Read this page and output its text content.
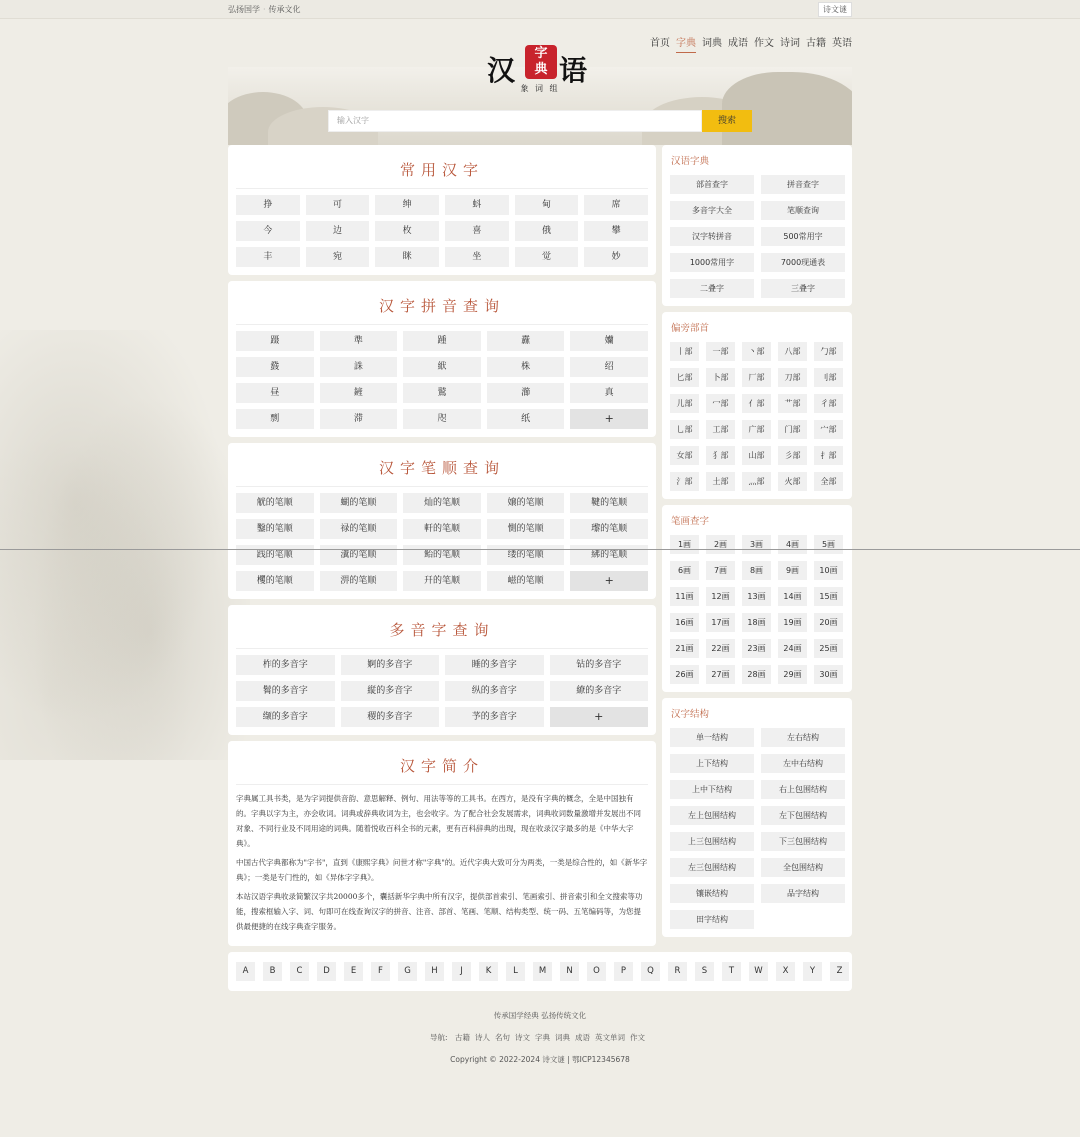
弘扬国学 · 传承文化	诗文谜
汉
字
典 语
象 词 组
首页 字典 词典 成语 作文 诗词 古籍 英语
输入汉字	搜索
常用汉字
挣	可	绅	蚪	甸	席
今	边	枚	喜	俄	攀
丰	宛	眯	坐	觉	妙
汉字拼音查询
蹑	準	踵	纛	孏
鼗	誅	絥	株	绍
昼	鏟	鷲	瀄	真
剽	滞	咫	纸	+
汉字笔顺查询
觥的笔顺	蝴的笔顺	灿的笔顺	嬢的笔顺	鞬的笔顺
鑿的笔顺	禄的笔顺	軒的笔顺	惻的笔顺	瓈的笔顺
践的笔顺	瀵的笔顺	鲐的笔顺	缕的笔顺	紼的笔顺
欔的笔顺	淠的笔顺	幵的笔顺	嵫的笔顺	+
多音字查询
柞的多音字	婀的多音字	睡的多音字	钻的多音字
鬌的多音字	縦的多音字	纵的多音字	繚的多音字
缬的多音字	稷的多音字	芧的多音字	+
汉字简介

字典属工具书类，是为字词提供音韵、意思解释、例句、用法等等的工具书。在西方，是没有字典的概念，全是中国独有的。字典以字为主，亦会收词。词典或辞典收词为主，也会收字。为了配合社会发展需求，词典收词数量激增并发展出不同对象、不同行业及不同用途的词典。随着悦收百科全书的元素，更有百科辞典的出现，现在收录汉字最多的是《中华大字典》。

中国古代字典都称为"字书"，直到《康熙字典》问世才称"字典"的。近代字典大致可分为两类，一类是综合性的，如《新华字典》；一类是专门性的，如《异体字字典》。

本站汉语字典收录简繁汉字共20000多个，囊括新华字典中所有汉字，提供部首索引、笔画索引、拼音索引和全文搜索等功能，搜索框输入字、词、句即可在线查询汉字的拼音、注音、部首、笔画、笔顺、结构类型、统一码、五笔编码等，为您提供最便捷的在线字典查字服务。

汉语字典
部首查字	拼音查字
多音字大全	笔顺查询
汉字转拼音	500常用字
1000常用字	7000现通表
二叠字	三叠字
偏旁部首
丨部	一部	丶部	八部	勹部
匕部	卜部	厂部	刀部	刂部
儿部	冖部	亻部	艹部	彳部
乚部	工部	广部	门部	宀部
女部	犭部	山部	彡部	扌部
氵部	土部	灬部	火部	全部
笔画查字
1画	2画	3画	4画	5画
6画	7画	8画	9画	10画
11画	12画	13画	14画	15画
16画	17画	18画	19画	20画
21画	22画	23画	24画	25画
26画	27画	28画	29画	30画
汉字结构
单一结构	左右结构
上下结构	左中右结构
上中下结构	右上包围结构
左上包围结构	左下包围结构
上三包围结构	下三包围结构
左三包围结构	全包围结构
镶嵌结构	品字结构
田字结构
A	B	C	D	E	F	G	H	J	K	L	M	N	O	P	Q	R	S	T	W	X	Y	Z
传承国学经典 弘扬传统文化
导航: 古籍 诗人 名句 诗文 字典 词典 成语 英文单词 作文
Copyright © 2022-2024 诗文谜 | 鄂ICP12345678
